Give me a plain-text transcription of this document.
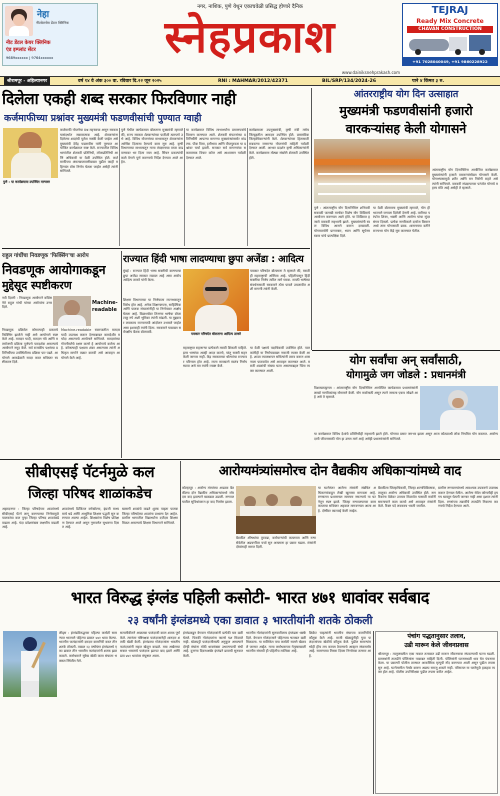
नेहा
नीटबेल्लोरा डेंटल क्लिनिक
नीट डेंटल केयर क्लिनिक
एंड इम्प्लांट सेंटर
9689xxxxxx | 9764xxxxxx
नगर, नाशिक, पुणे येथून एकाचवेळी प्रसिद्ध होणारे दैनिक
स्नेहप्रकाश
TEJRAJ
Ready Mix Concrete
CHAVAN CONSTRUCTION
+91 7028040049, +91 9860228922
www.dainiksnehprakash.com
श्रीरामपूर - अहिल्यानगर	वर्ष १४ वे अंक ३०० वा. रविवार दि.२२ जून २०२५	RNI : MAHMAR/2012/42371	BIL/SRP/134/2024-26	पाने ४ किंमत ३ रु.
दिलेला एकही शब्द सरकार फिरविणार नाही
कर्जमाफीच्या प्रश्नांवर मुख्यमंत्री फडणवीसांची पुण्यात ग्वाही
पुणे : या कार्यक्रमास उपस्थित मान्यवर
कर्जमाफी योजनेचा प्रश्न महत्त्वाचा असून सरकार यासंदर्भात सकारात्मक आहे. शेतकऱ्यांना दिलेल्या शब्दांची पूर्तता नक्की केली जाईल असे मुख्यमंत्री देवेंद्र फडणवीस यांनी पुण्यात आयोजित कार्यक्रमात स्पष्ट केले. राज्यातील विविध भागांतील शेतकरी प्रतिनिधी, लोकप्रतिनिधी आणि अधिकारी या वेळी उपस्थित होते. कर्जमाफीच्या अंमलबजावणीबाबत पुढील काही महिन्यांत ठोस निर्णय घेतला जाईल असेही त्यांनी सांगितले.
पुणे येथील कार्यक्रमात बोलताना मुख्यमंत्री म्हणाले की, राज्य सरकार शेतकऱ्यांच्या पाठीशी ठामपणे उभे आहे. विविध योजनांच्या माध्यमातून शेतकऱ्यांना आर्थिक दिलासा देण्याचे काम सुरु आहे. कृषी विभागाच्या माध्यमातून नव्या तंत्रज्ञानाचा वापर वाढवण्यावर भर दिला जात आहे. सिंचन प्रकल्पांची कामे वेगाने पूर्ण करण्याचे निर्देश देण्यात आले आहेत.
या कार्यक्रमात विविध लाभार्थ्यांना प्रमाणपत्रांचे वितरण करण्यात आले. शेतकरी संघटनांच्या प्रतिनिधींनी आपल्या मागण्या मुख्यमंत्र्यांसमोर मांडल्या. पीक विमा, हमीभाव आणि वीजपुरवठा या प्रश्नांवर चर्चा झाली. सरकार सर्व मागण्यांचा सकारात्मक विचार करेल असे आश्वासन यावेळी देण्यात आले.
कार्यक्रमाला उपमुख्यमंत्री, कृषी मंत्री तसेच जिल्ह्यातील आमदार उपस्थित होते. प्रास्ताविक जिल्हाधिकाऱ्यांनी केले. शेतकऱ्यांच्या हितासाठी राबवल्या जाणाऱ्या योजनांची माहिती यावेळी देण्यात आली. आभार प्रदर्शन कृषी अधिकाऱ्यांनी केले. कार्यक्रमास मोठ्या संख्येने शेतकरी उपस्थित होते.
आंतरराष्ट्रीय योग दिन उत्साहात
मुख्यमंत्री फडणवीसांनी हजारो
वारकऱ्यांसह केली योगासने
आंतरराष्ट्रीय योग दिनानिमित्त आयोजित कार्यक्रमात मुख्यमंत्र्यांनी हजारो वारकऱ्यांसोबत योगासने केली. योगाभ्यासामुळे शरीर आणि मन निरोगी राहते असे त्यांनी सांगितले. वारकरी संप्रदायाच्या परंपरेत योगाचे महत्त्व मोठे आहे असेही ते म्हणाले.
पुणे : आंतरराष्ट्रीय योग दिनानिमित्त शनिवारी सकाळी पालखी मार्गावर विशेष योग शिबिराचे आयोजन करण्यात आले होते. या शिबिरात हजारो वारकरी सहभागी झाले. मुख्यमंत्र्यांनी स्वतः विविध आसने करून दाखवली. योगाचार्यांनी प्राणायाम, ध्यान आणि सूर्यनमस्कार यांचे प्रात्यक्षिक दिले.
या वेळी बोलताना मुख्यमंत्री म्हणाले, योग ही भारताने जगाला दिलेली देणगी आहे. वारीच्या परंपरेत शिस्त, भक्ती आणि आरोग्य यांचा सुंदर संगम दिसतो. प्रत्येक नागरिकाने दररोज किमान अर्धा तास योगासाठी द्यावा. शासनाच्या वतीने राज्यभर योग केंद्रे सुरु करण्यात येतील.
राहुल गांधींचा निवडणूक 'फिक्सिंग'चा आरोप
निवडणूक आयोगाकडून
मुद्देसूद स्पष्टीकरण
नवी दिल्ली : निवडणूक आयोगाने काँग्रेस नेते राहुल गांधी यांच्या आरोपांना उत्तर दिले.
Machine- readable
निवडणूक प्रक्रियेत कोणत्याही प्रकारचे फिक्सिंग झालेले नाही असे आयोगाने स्पष्ट केले आहे. मतदार यादी, मतदान यंत्रे आणि मतमोजणी प्रक्रिया पूर्णपणे पारदर्शक असल्याचे आयोगाने नमूद केले. सर्व राजकीय पक्षांच्या प्रतिनिधींच्या उपस्थितीतच प्रक्रिया पार पडते. आयोगाने आकडेवारी सादर करत सविस्तर स्पष्टीकरण दिले.
Machine-readable स्वरूपातील मतदार यादी उपलब्ध करून देण्याबाबत कायदेशीर मर्यादा असल्याचे आयोगाने सांगितले. मतदारांच्या गोपनीयतेचे रक्षण करणे हे आयोगाचे कर्तव्य आहे. कोणत्याही पक्षाला शंका असल्यास त्यांनी अधिकृत मार्गाने तक्रार करावी असे आवाहन आयोगाने केले आहे.
राज्यात हिंदी भाषा लादण्याचा छुपा अजेंडा : आदित्य
मुंबई : राज्यात हिंदी भाषा सक्तीची करण्याचा छुपा अजेंडा सरकार राबवत आहे असा आरोप आदित्य ठाकरे यांनी केला.
पत्रकार परिषदेत बोलताना आदित्य ठाकरे
पत्रकार परिषदेत बोलताना ते म्हणाले की, मराठी ही महाराष्ट्राची अस्मिता आहे. पहिलीपासून हिंदी सक्तीचा निर्णय त्वरित मागे घ्यावा. मराठी भाषेच्या संवर्धनासाठी सरकारने ठोस पावले उचलावीत अशी मागणी त्यांनी केली.
शिक्षण विभागाच्या या निर्णयाला राज्यभरातून विरोध होत आहे. अनेक शिक्षणतज्ज्ञ, साहित्यिक आणि पालक संघटनांनीही या निर्णयावर आक्षेप घेतला आहे. विद्यार्थ्यांवर तिसऱ्या भाषेचा बोजा टाकू नये अशी भूमिका त्यांनी मांडली. या मुद्द्यावर लवकरच राज्यव्यापी आंदोलन उभारले जाईल असा इशाराही त्यांनी दिला. सरकारने याबाबत सर्वपक्षीय बैठक बोलवावी.
महाराष्ट्रात राहणाऱ्या प्रत्येकाने मराठी शिकली पाहिजे. इतर भाषांचा आम्ही आदर करतो, परंतु सक्ती सहन केली जाणार नाही. केंद्र सरकारच्या धोरणांचा राज्यावर परिणाम होत आहे. राज्य सरकारने स्वतंत्र निर्णय घ्यावा असे मत त्यांनी व्यक्त केले.
या वेळी पक्षाचे पदाधिकारी उपस्थित होते. पालकांनीही या निर्णयाबाबत नाराजी व्यक्त केली आहे. शाळा व्यवस्थापन समित्यांनी ठराव करून शासनाला पाठवावेत असे आवाहन करण्यात आले. मराठी शाळांची संख्या घटत असल्याबद्दल चिंता व्यक्त करण्यात आली.
योग सर्वांचा अन् सर्वांसाठी,
योगामुळे जग जोडले : प्रधानमंत्री
विशाखापट्टणम : आंतरराष्ट्रीय योग दिनानिमित्त आयोजित कार्यक्रमात प्रधानमंत्र्यांनी लाखो नागरिकांसह योगासने केली. योग सर्वांसाठी असून त्याने जगाला एकत्र जोडले आहे असे ते म्हणाले.
या कार्यक्रमात विविध देशांचे प्रतिनिधीही सहभागी झाले होते. योगाचा प्रसार जगभर झाला असून आज कोट्यवधी लोक नियमित योग करतात. आरोग्यदायी जीवनासाठी योग हा उत्तम मार्ग आहे असेही प्रधानमंत्र्यांनी सांगितले.
सीबीएसई पॅटर्नमुळे कल
जिल्हा परिषद शाळांकडेच
अहमदनगर : जिल्हा परिषदेच्या शाळांमध्ये सीबीएसई पॅटर्न लागू करण्याच्या निर्णयामुळे पालकांचा कल पुन्हा जिल्हा परिषद शाळांकडे वाढला आहे. यंदा प्रवेशसंख्या लक्षणीय वाढली आहे.
शाळांमध्ये डिजिटल वर्गखोल्या, इंग्रजी माध्यमाचे धडे आणि आधुनिक शिक्षण पद्धती सुरु करण्यात आल्या आहेत. शिक्षकांना विशेष प्रशिक्षण देण्यात आले असून गुणवत्तेत सुधारणा दिसत आहे.
खासगी शाळांचे वाढते शुल्क पाहता पालक जिल्हा परिषदेच्या शाळांना प्राधान्य देत आहेत. ग्रामीण भागातील विद्यार्थ्यांना दर्जेदार शिक्षण मिळत असल्याचे शिक्षण विभागाने सांगितले.
आरोग्यमंत्र्यांसमोरच दोन वैद्यकीय अधिकाऱ्यांमध्ये वाद
कोल्हापूर : आरोग्य मंत्र्यांच्या आढावा बैठकीतच दोन वैद्यकीय अधिकाऱ्यांमध्ये जोरदार वाद झाल्याने खळबळ उडाली. रुग्णालयातील सुविधांवरून हा वाद निर्माण झाला.
बैठकीत औषधांचा तुटवडा, कर्मचाऱ्यांची कमतरता आणि रुग्णसेवेतील अडचणींवर चर्चा सुरु असताना हा प्रकार घडला. मंत्र्यांनी दोघांनाही समज दिली.
या घटनेनंतर आरोग्य मंत्र्यांनी संबंधित अधिकाऱ्यांकडून लेखी खुलासा मागवला आहे. रुग्णालय प्रशासनात समन्वय नसल्याचे या घटनेतून स्पष्ट झाले. जिल्हा रुग्णालयाच्या कामकाजाचा सविस्तर अहवाल मागवण्यात आला आहे. दोषींवर कारवाई केली जाईल.
बैठकीला जिल्हाधिकारी, जिल्हा शल्यचिकित्सक, तालुका आरोग्य अधिकारी उपस्थित होते. नागरिकांना वेळेवर उपचार मिळावेत यासाठी सर्वांनी समन्वयाने काम करावे असे आवाहन मंत्र्यांनी केले. रिक्त पदे लवकरच भरली जातील.
ग्रामीण रुग्णालयांमध्ये आवश्यक उपकरणे उपलब्ध करून देण्यात येतील. आरोग्य सेवेत कोणतीही हयगय खपवून घेतली जाणार नाही असा इशारा त्यांनी दिला. रुग्णांच्या तक्रारींचे तातडीने निवारण करण्याचे निर्देश देण्यात आले.
भारत विरुद्ध इंग्लंड पहिली कसोटी- भारत ४७१ धावांवर सर्वबाद
२३ वर्षांनी इंग्लंडमध्ये एका डावात ३ भारतीयांनी शतके ठोकली
लीड्स : इंग्लंडविरुद्धच्या पहिल्या कसोटी सामन्यात भारताने पहिल्या डावात ४७१ धावा केल्या. भारतीय फलंदाजांनी दमदार कामगिरी करत तीन शतके ठोकली. तब्बल २३ वर्षांनंतर इंग्लंडमध्ये एका डावात तीन भारतीय फलंदाजांनी शतक झळकावले. कर्णधाराने सुरेख खेळी करत संघाला भक्कम स्थितीत नेले.
सलामीवीराने आक्रमक फलंदाजी करत शतक पूर्ण केले. त्यानंतर यष्टिरक्षक फलंदाजानेही शानदार शतकी खेळी केली. इंग्लंडच्या गोलंदाजांना भारतीय फलंदाजांनी सहज खेळून काढले. मात्र अखेरच्या सत्रात भारताचे फलंदाज झटपट बाद झाले आणि डाव ४७१ धावांवर संपुष्टात आला.
इंग्लंडकडून वेगवान गोलंदाजांनी प्रत्येकी चार बळी घेतले. फिरकी गोलंदाजांना फारसे यश मिळाले नाही. खेळपट्टी फलंदाजीसाठी अनुकूल असल्याने दोन्ही संघांना मोठी धावसंख्या उभारण्याची संधी आहे. दुसऱ्या दिवसअखेर इंग्लंडने डावाची सुरुवात केली.
भारतीय गोलंदाजांनी सुरुवातीलाच इंग्लंडला धक्के दिले. वेगवान गोलंदाजाने पहिल्याच षटकात बळी मिळवला. या मालिकेत पाच कसोटी सामने खेळवले जाणार आहेत. नव्या कर्णधाराच्या नेतृत्वाखाली भारतीय संघाची ही पहिलीच मालिका आहे.
क्रिकेट चाहत्यांनी भारतीय संघाच्या कामगिरीचे कौतुक केले आहे. माजी खेळाडूंनीही युवा फलंदाजांच्या खेळीचे कौतुक केले. पुढील सामन्यांमध्येही हीच लय कायम ठेवण्याचे आव्हान संघासमोर आहे. सामन्याचा तिसरा दिवस निर्णायक ठरणार आहे.
पंचांग पद्धतानुसार तलाव,
उडी मारून केले जीवनप्रवास
श्रीरामपूर : तालुक्यातील एका गावात तलावात उडी मारून जीवनयात्रा संपवल्याची घटना घडली. ग्रामस्थांनी तातडीने पोलिसांना याबाबत माहिती दिली. पोलिसांनी घटनास्थळी धाव घेत पंचनामा केला. या प्रकरणी पोलीस ठाण्यात आकस्मिक मृत्यूची नोंद करण्यात आली असून पुढील तपास सुरु आहे. घटनेमागील नेमके कारण अद्याप समजू शकले नाही. परिसरात या घटनेमुळे हळहळ व्यक्त होत आहे. पोलीस उपनिरीक्षक पुढील तपास करीत आहेत.
